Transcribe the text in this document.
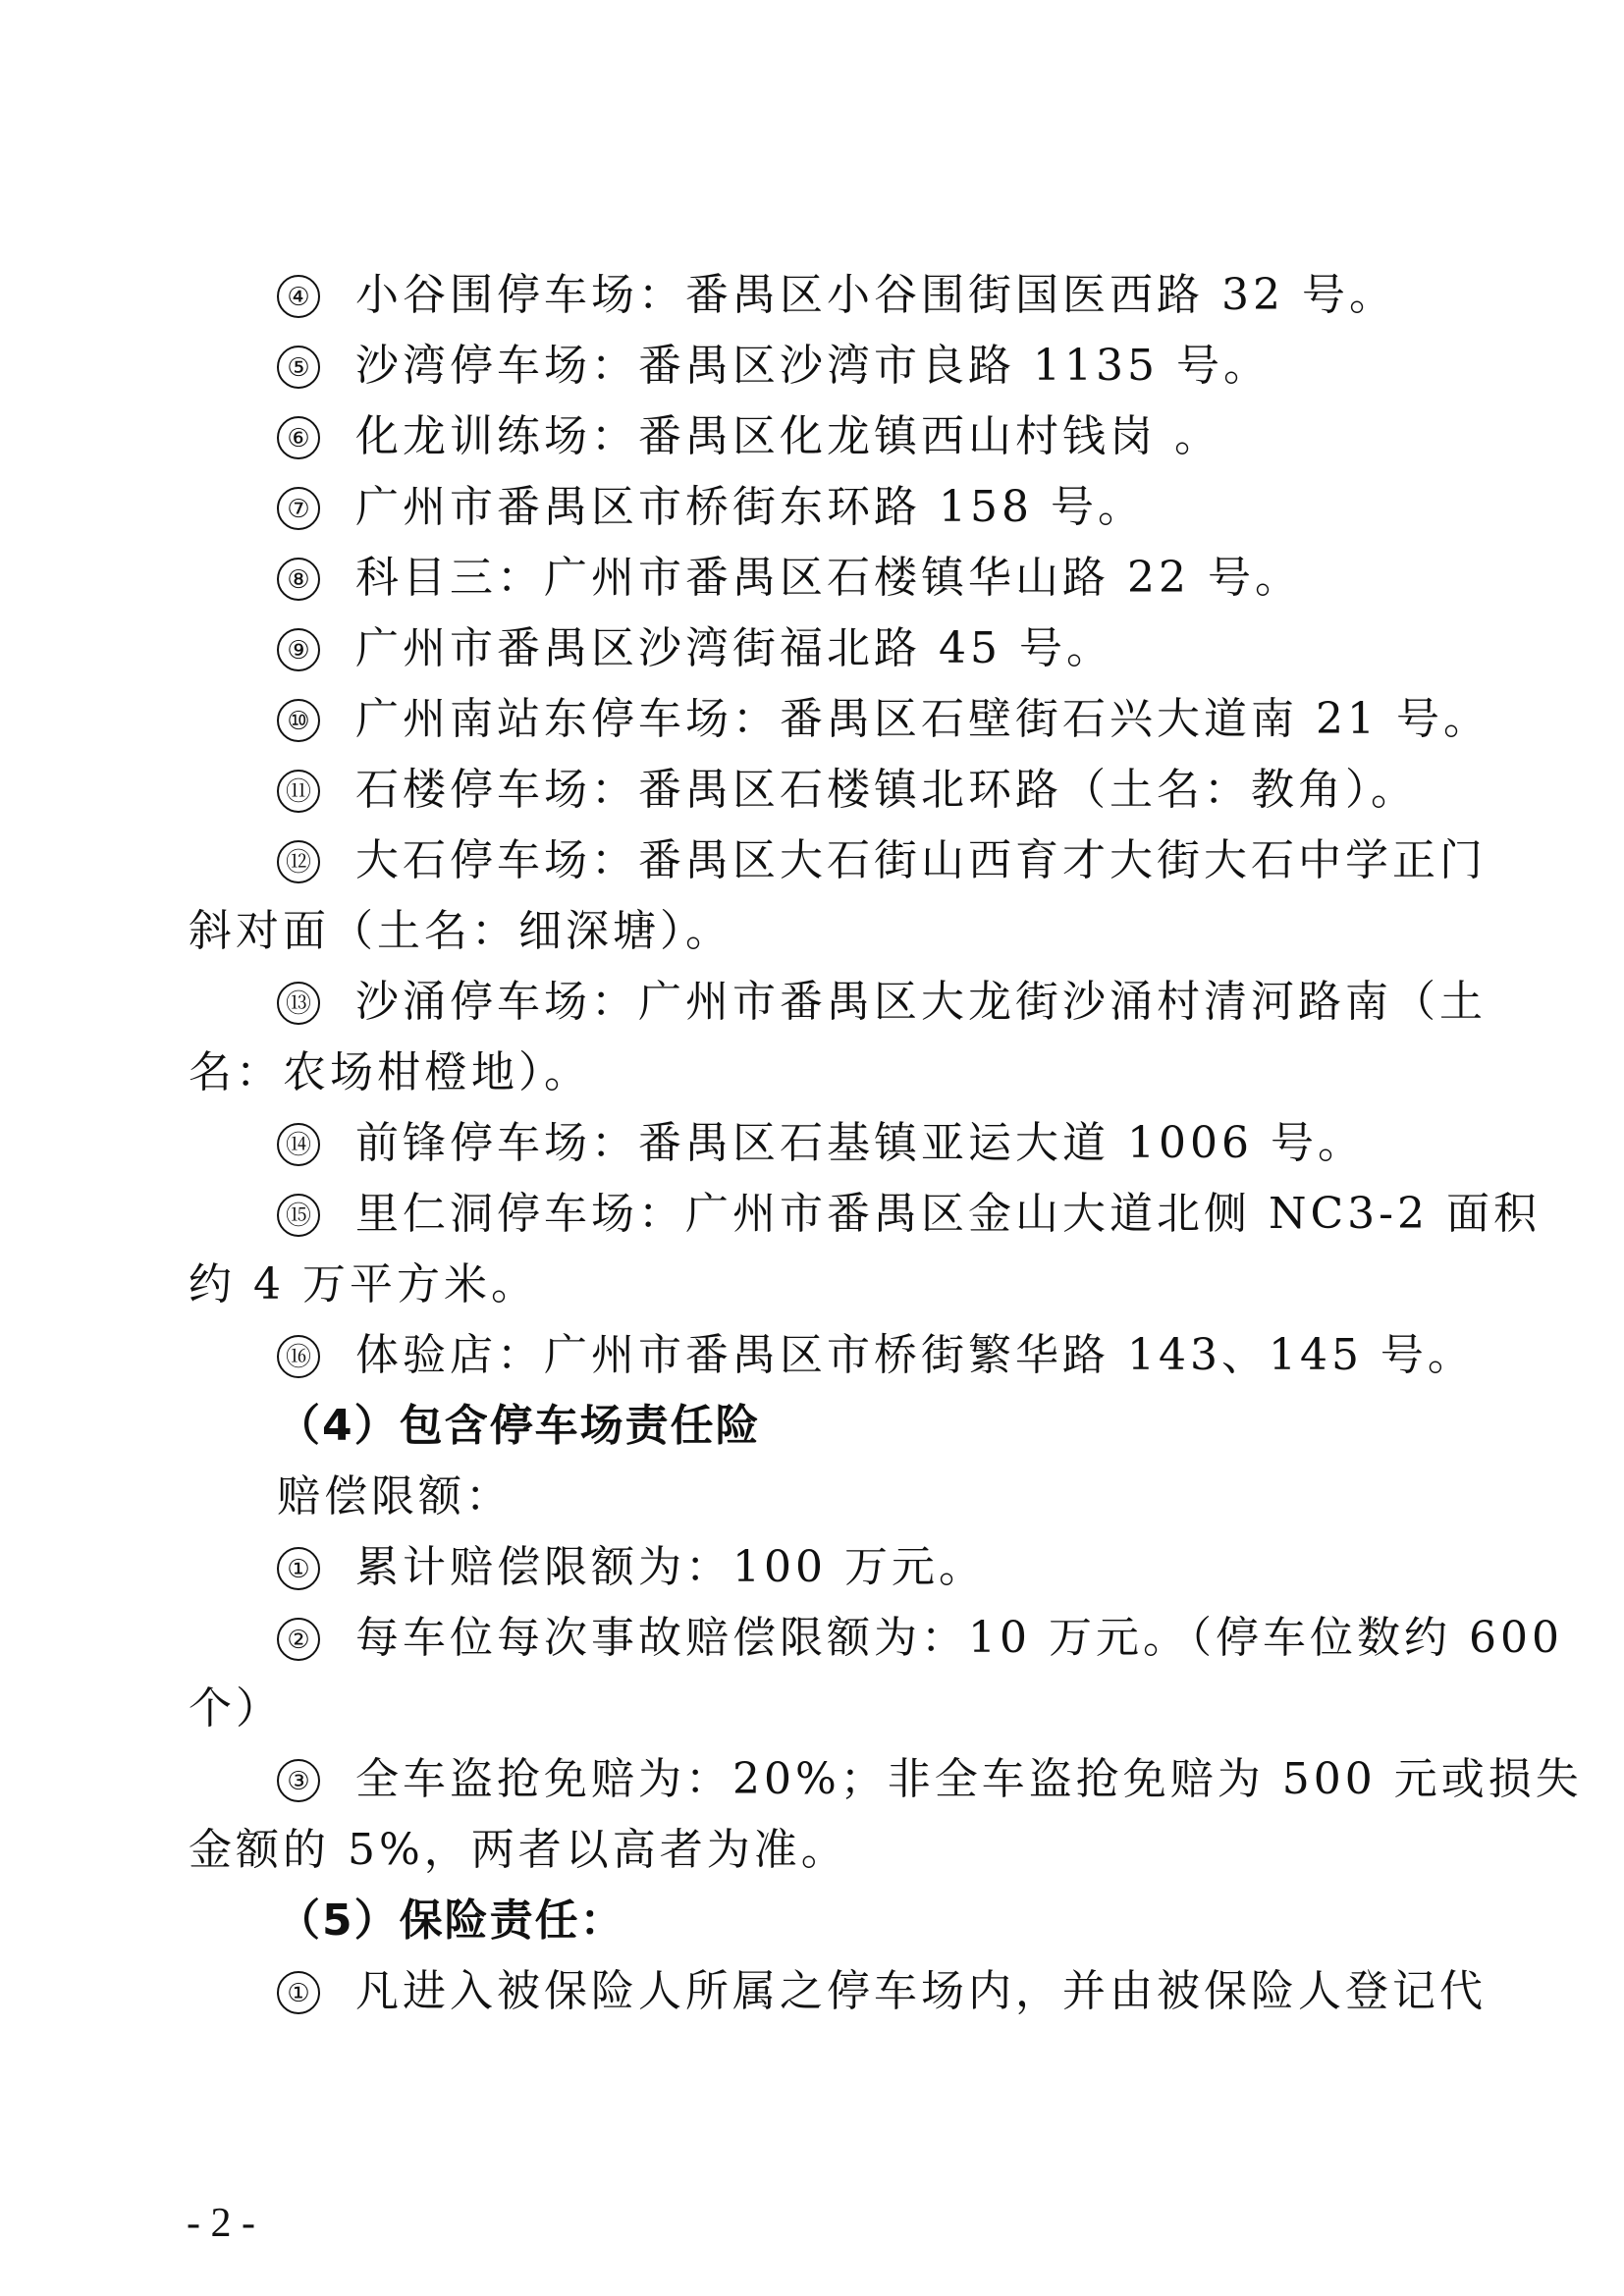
④ 小谷围停车场：番禺区小谷围街国医西路 32 号。
⑤ 沙湾停车场：番禺区沙湾市良路 1135 号。
⑥ 化龙训练场：番禺区化龙镇西山村钱岗 。
⑦ 广州市番禺区市桥街东环路 158 号。
⑧ 科目三：广州市番禺区石楼镇华山路 22 号。
⑨ 广州市番禺区沙湾街福北路 45 号。
⑩ 广州南站东停车场：番禺区石壁街石兴大道南 21 号。
⑪ 石楼停车场：番禺区石楼镇北环路（土名：教角）。
⑫ 大石停车场：番禺区大石街山西育才大街大石中学正门
斜对面（土名：细深塘）。
⑬ 沙涌停车场：广州市番禺区大龙街沙涌村清河路南（土
名：农场柑橙地）。
⑭ 前锋停车场：番禺区石基镇亚运大道 1006 号。
⑮ 里仁洞停车场：广州市番禺区金山大道北侧 NC3-2 面积
约 4 万平方米。
⑯ 体验店：广州市番禺区市桥街繁华路 143、145 号。
（4）包含停车场责任险
赔偿限额：
① 累计赔偿限额为：100 万元。
② 每车位每次事故赔偿限额为：10 万元。（停车位数约 600
个）
③ 全车盗抢免赔为：20%；非全车盗抢免赔为 500 元或损失
金额的 5%，两者以高者为准。
（5）保险责任：
① 凡进入被保险人所属之停车场内，并由被保险人登记代
- 2 -
